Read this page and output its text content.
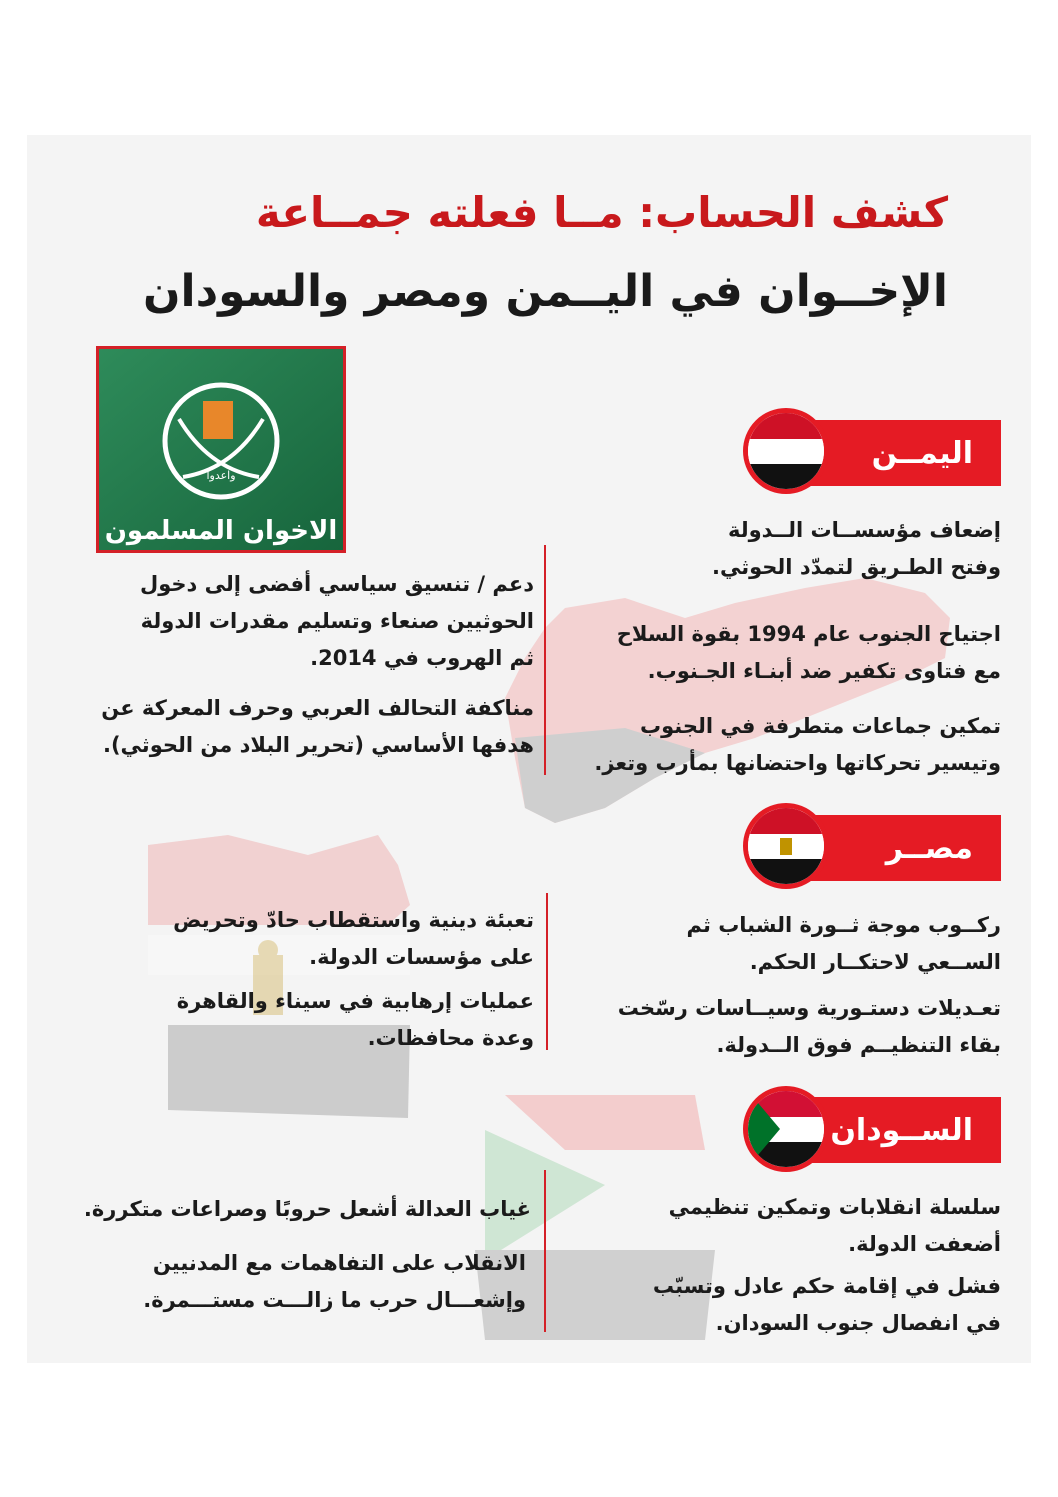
كشف الحساب: مــا فعلته جمــاعة
الإخــوان في اليــمن ومصر والسودان
واعدوا
الاخوان المسلمون
اليمــن

إضعاف مؤسســات الــدولة
وفتح الطـريق لتمدّد الحوثي.

اجتياح الجنوب عام 1994 بقوة السلاح
مع فتاوى تكفير ضد أبنـاء الجـنوب.

تمكين جماعات متطرفة في الجنوب
وتيسير تحركاتها واحتضانها بمأرب وتعز.

دعم / تنسيق سياسي أفضى إلى دخول
الحوثيين صنعاء وتسليم مقدرات الدولة
ثم الهروب في 2014.

مناكفة التحالف العربي وحرف المعركة عن
هدفها الأساسي (تحرير البلاد من الحوثي).

مصــر

ركــوب موجة ثــورة الشباب ثم
الســعي لاحتكــار الحكم.

تعـديلات دستـورية وسيــاسات رسّخت
بقاء التنظيــم فوق الــدولة.

تعبئة دينية واستقطاب حادّ وتحريض
على مؤسسات الدولة.

عمليات إرهابية في سيناء والقاهرة
وعدة محافظات.

الســودان

سلسلة انقلابات وتمكين تنظيمي
أضعفت الدولة.

فشل في إقامة حكم عادل وتسبّب
في انفصال جنوب السودان.

غياب العدالة أشعل حروبًا وصراعات متكررة.

الانقلاب على التفاهمات مع المدنيين
وإشعـــال حرب ما زالـــت مستـــمرة.
